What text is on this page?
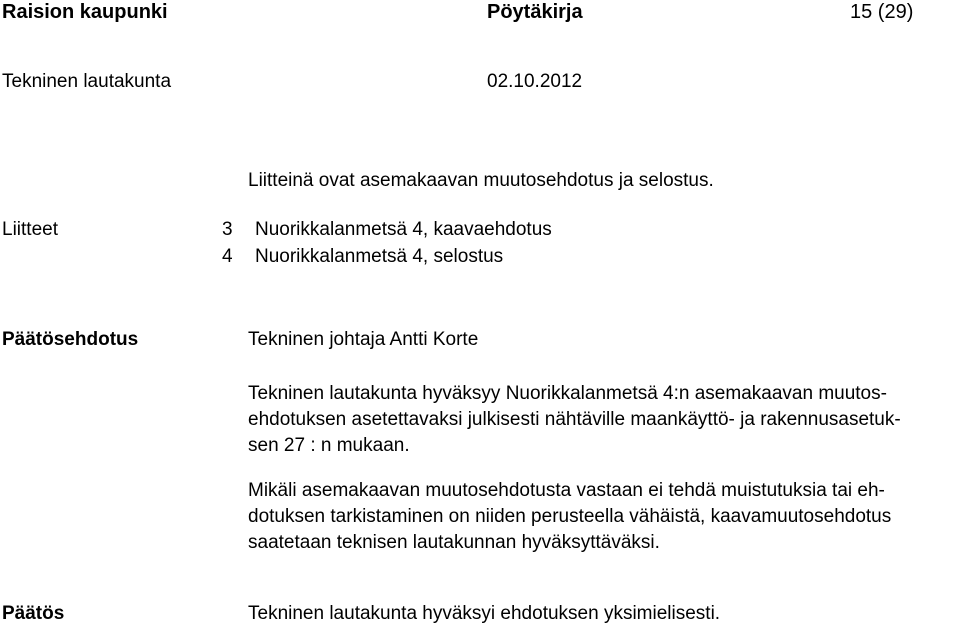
Raision kaupunki	Pöytäkirja	15 (29)
Tekninen lautakunta	02.10.2012
Liitteinä ovat asemakaavan muutosehdotus ja selostus.
Liitteet	3 Nuorikkalanmetsä 4, kaavaehdotus
4 Nuorikkalanmetsä 4, selostus
Päätösehdotus	Tekninen johtaja Antti Korte
Tekninen lautakunta hyväksyy Nuorikkalanmetsä 4:n asemakaavan muutos-
ehdotuksen asetettavaksi julkisesti nähtäville maankäyttö- ja rakennusasetuk-
sen 27 : n mukaan.
Mikäli asemakaavan muutosehdotusta vastaan ei tehdä muistutuksia tai eh-
dotuksen tarkistaminen on niiden perusteella vähäistä, kaavamuutosehdotus
saatetaan teknisen lautakunnan hyväksyttäväksi.
Päätös	Tekninen lautakunta hyväksyi ehdotuksen yksimielisesti.
